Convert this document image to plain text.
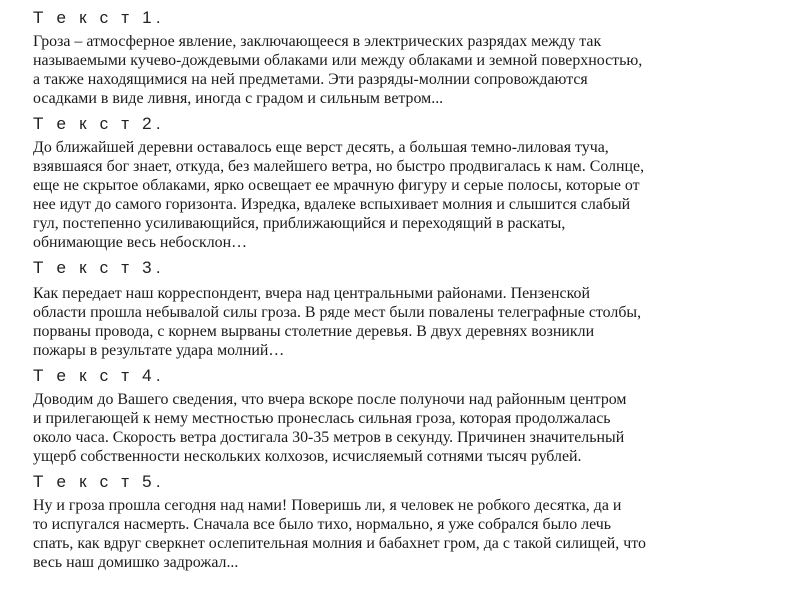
Т е к с т 1.
Гроза – атмосферное явление, заключающееся в электрических разрядах между так
называемыми кучево-дождевыми облаками или между облаками и земной поверхностью,
а также находящимися на ней предметами. Эти разряды-молнии сопровождаются
осадками в виде ливня, иногда с градом и сильным ветром...
Т е к с т 2.
До ближайшей деревни оставалось еще верст десять, а большая темно-лиловая туча,
взявшаяся бог знает, откуда, без малейшего ветра, но быстро продвигалась к нам. Солнце,
еще не скрытое облаками, ярко освещает ее мрачную фигуру и серые полосы, которые от
нее идут до самого горизонта. Изредка, вдалеке вспыхивает молния и слышится слабый
гул, постепенно усиливающийся, приближающийся и переходящий в раскаты,
обнимающие весь небосклон…
Т е к с т 3.
Как передает наш корреспондент, вчера над центральными районами. Пензенской
области прошла небывалой силы гроза. В ряде мест были повалены телеграфные столбы,
порваны провода, с корнем вырваны столетние деревья. В двух деревнях возникли
пожары в результате удара молний…
Т е к с т 4.
Доводим до Вашего сведения, что вчера вскоре после полуночи над районным центром
и прилегающей к нему местностью пронеслась сильная гроза, которая продолжалась
около часа. Скорость ветра достигала 30-35 метров в секунду. Причинен значительный
ущерб собственности нескольких колхозов, исчисляемый сотнями тысяч рублей.
Т е к с т 5.
Ну и гроза прошла сегодня над нами! Поверишь ли, я человек не робкого десятка, да и
то испугался насмерть. Сначала все было тихо, нормально, я уже собрался было лечь
спать, как вдруг сверкнет ослепительная молния и бабахнет гром, да с такой силищей, что
весь наш домишко задрожал...
